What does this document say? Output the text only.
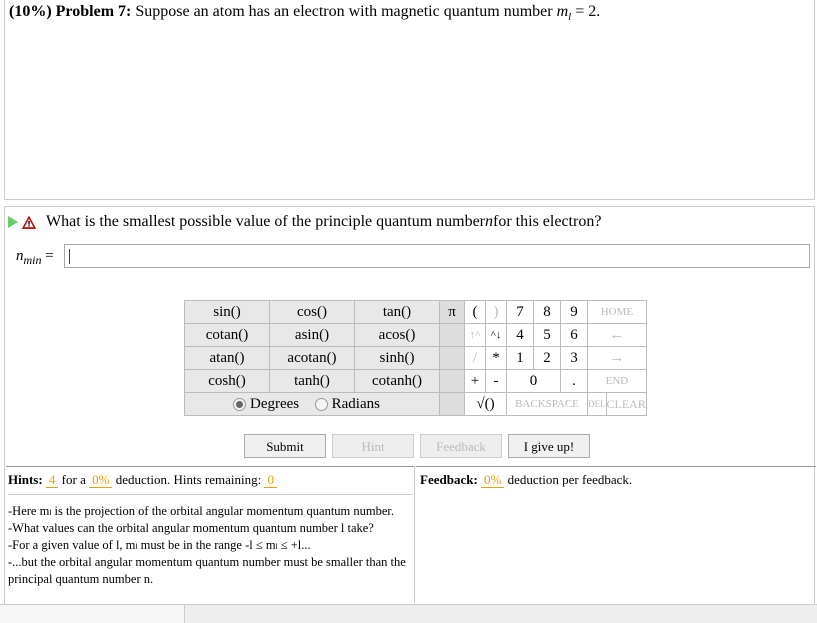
(10%) Problem 7: Suppose an atom has an electron with magnetic quantum number $m_l = 2$.
What is the smallest possible value of the principle quantum number n for this electron?
$n_{min}$ =
sin()	cos()	tan()	π	(	)	7	8	9	HOME	
cotan()	asin()	acos()		↑^	^↓	4	5	6	←	
atan()	acotan()	sinh()		/	*	1	2	3	→	
cosh()	tanh()	cotanh()		+	-	0		.	END	
Degrees Radians				√()		BACKSPACE			DEL	CLEAR
Submit	Hint	Feedback	I give up!
Hints: 4 for a 0% deduction. Hints remaining: 0
-Here mₗ is the projection of the orbital angular momentum quantum number.
-What values can the orbital angular momentum quantum number l take?
-For a given value of l, mₗ must be in the range -l ≤ mₗ ≤ +l...
-...but the orbital angular momentum quantum number must be smaller than the principal quantum number n.
Feedback: 0% deduction per feedback.
